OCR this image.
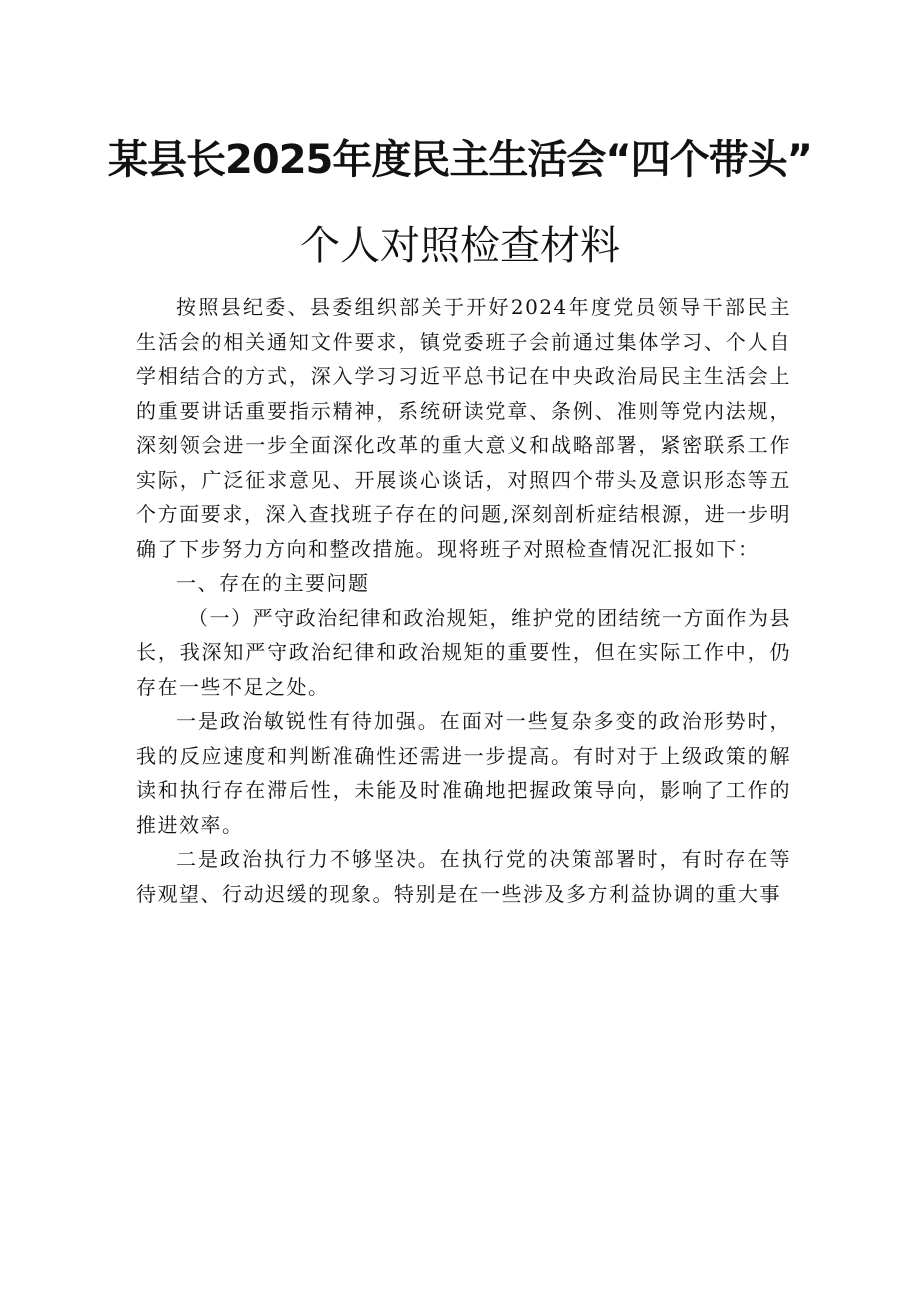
某县长2025年度民主生活会“四个带头”
个人对照检查材料

按照县纪委、县委组织部关于开好2024年度党员领导干部民主生活会的相关通知文件要求，镇党委班子会前通过集体学习、个人自学相结合的方式，深入学习习近平总书记在中央政治局民主生活会上的重要讲话重要指示精神，系统研读党章、条例、准则等党内法规，深刻领会进一步全面深化改革的重大意义和战略部署，紧密联系工作实际，广泛征求意见、开展谈心谈话，对照四个带头及意识形态等五个方面要求，深入查找班子存在的问题,深刻剖析症结根源，进一步明确了下步努力方向和整改措施。现将班子对照检查情况汇报如下：

一、存在的主要问题

（一）严守政治纪律和政治规矩，维护党的团结统一方面作为县长，我深知严守政治纪律和政治规矩的重要性，但在实际工作中，仍存在一些不足之处。

一是政治敏锐性有待加强。在面对一些复杂多变的政治形势时，我的反应速度和判断准确性还需进一步提高。有时对于上级政策的解读和执行存在滞后性，未能及时准确地把握政策导向，影响了工作的推进效率。

二是政治执行力不够坚决。在执行党的决策部署时，有时存在等待观望、行动迟缓的现象。特别是在一些涉及多方利益协调的重大事
